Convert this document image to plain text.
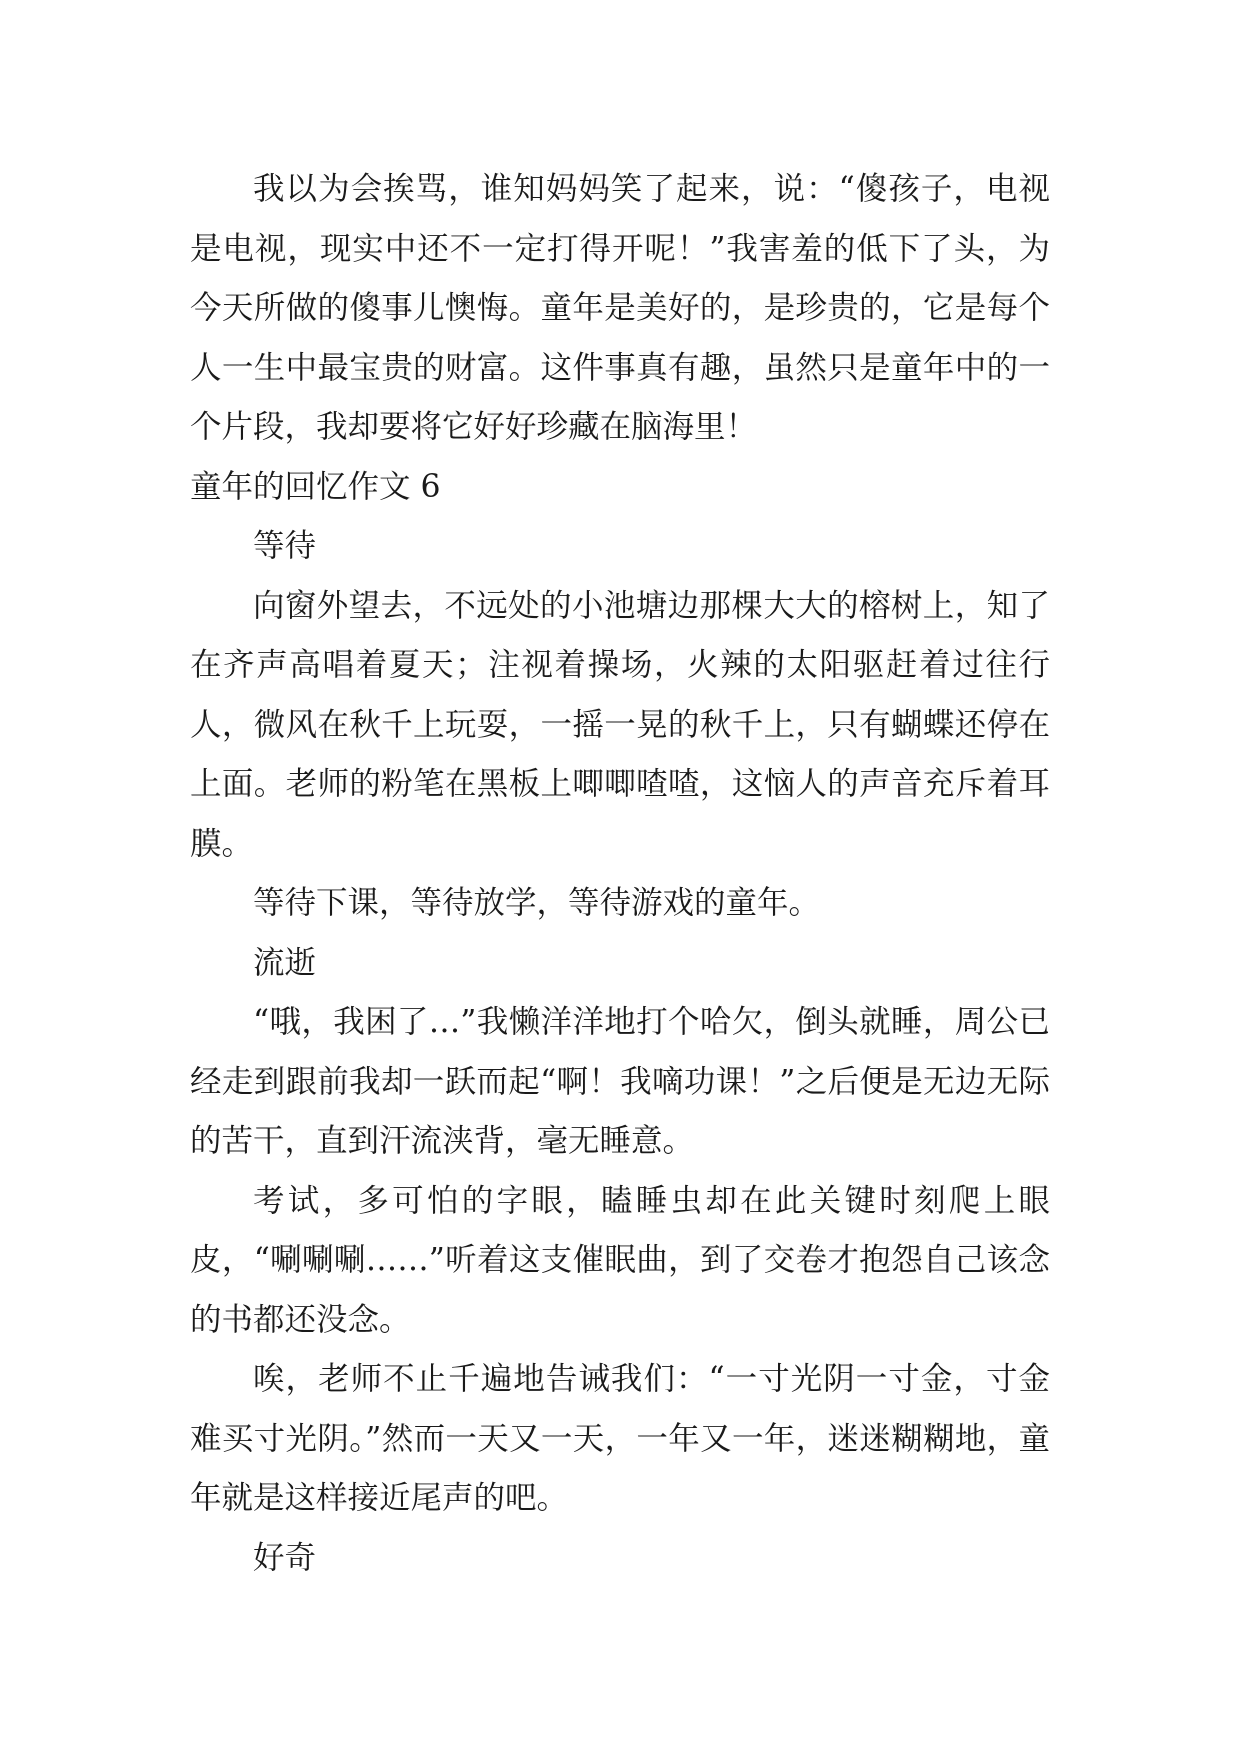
我以为会挨骂，谁知妈妈笑了起来，说：“傻孩子，电视是电视，现实中还不一定打得开呢！”我害羞的低下了头，为今天所做的傻事儿懊悔。童年是美好的，是珍贵的，它是每个人一生中最宝贵的财富。这件事真有趣，虽然只是童年中的一个片段，我却要将它好好珍藏在脑海里！

童年的回忆作文 6

等待

向窗外望去，不远处的小池塘边那棵大大的榕树上，知了在齐声高唱着夏天；注视着操场，火辣的太阳驱赶着过往行人，微风在秋千上玩耍，一摇一晃的秋千上，只有蝴蝶还停在上面。老师的粉笔在黑板上唧唧喳喳，这恼人的声音充斥着耳膜。

等待下课，等待放学，等待游戏的童年。

流逝

“哦，我困了…”我懒洋洋地打个哈欠，倒头就睡，周公已经走到跟前我却一跃而起“啊！我嘀功课！”之后便是无边无际的苦干，直到汗流浃背，毫无睡意。

考试，多可怕的字眼，瞌睡虫却在此关键时刻爬上眼皮，“唰唰唰……”听着这支催眠曲，到了交卷才抱怨自己该念的书都还没念。

唉，老师不止千遍地告诫我们：“一寸光阴一寸金，寸金难买寸光阴。”然而一天又一天，一年又一年，迷迷糊糊地，童年就是这样接近尾声的吧。

好奇
